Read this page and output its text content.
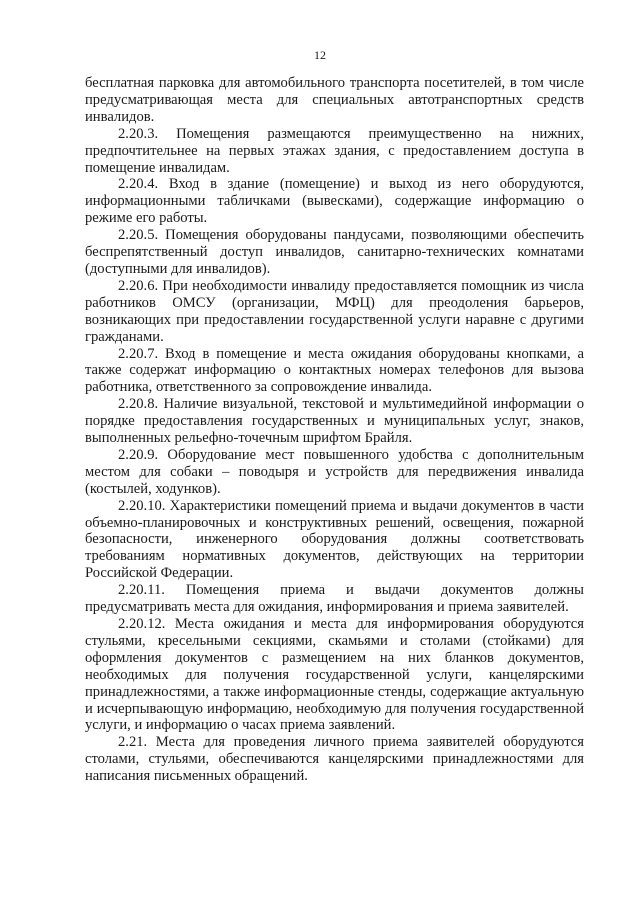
12

бесплатная парковка для автомобильного транспорта посетителей, в том числе предусматривающая места для специальных автотранспортных средств инвалидов.

2.20.3. Помещения размещаются преимущественно на нижних, предпочтительнее на первых этажах здания, с предоставлением доступа в помещение инвалидам.

2.20.4. Вход в здание (помещение) и выход из него оборудуются, информационными табличками (вывесками), содержащие информацию о режиме его работы.

2.20.5. Помещения оборудованы пандусами, позволяющими обеспечить беспрепятственный доступ инвалидов, санитарно-технических комнатами (доступными для инвалидов).

2.20.6. При необходимости инвалиду предоставляется помощник из числа работников ОМСУ (организации, МФЦ) для преодоления барьеров, возникающих при предоставлении государственной услуги наравне с другими гражданами.

2.20.7. Вход в помещение и места ожидания оборудованы кнопками, а также содержат информацию о контактных номерах телефонов для вызова работника, ответственного за сопровождение инвалида.

2.20.8. Наличие визуальной, текстовой и мультимедийной информации о порядке предоставления государственных и муниципальных услуг, знаков, выполненных рельефно-точечным шрифтом Брайля.

2.20.9. Оборудование мест повышенного удобства с дополнительным местом для собаки – поводыря и устройств для передвижения инвалида (костылей, ходунков).

2.20.10. Характеристики помещений приема и выдачи документов в части объемно-планировочных и конструктивных решений, освещения, пожарной безопасности, инженерного оборудования должны соответствовать требованиям нормативных документов, действующих на территории Российской Федерации.

2.20.11. Помещения приема и выдачи документов должны предусматривать места для ожидания, информирования и приема заявителей.

2.20.12. Места ожидания и места для информирования оборудуются стульями, кресельными секциями, скамьями и столами (стойками) для оформления документов с размещением на них бланков документов, необходимых для получения государственной услуги, канцелярскими принадлежностями, а также информационные стенды, содержащие актуальную и исчерпывающую информацию, необходимую для получения государственной услуги, и информацию о часах приема заявлений.

2.21. Места для проведения личного приема заявителей оборудуются столами, стульями, обеспечиваются канцелярскими принадлежностями для написания письменных обращений.
